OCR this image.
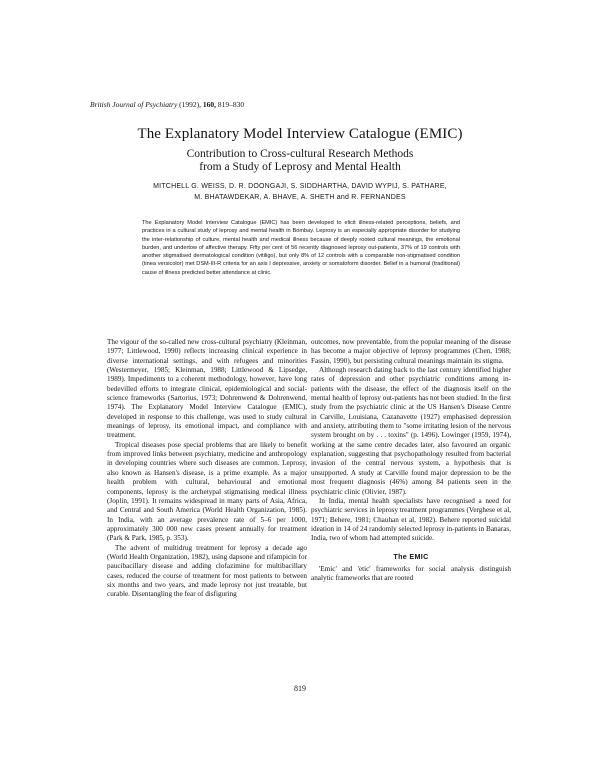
British Journal of Psychiatry (1992), 160, 819–830
The Explanatory Model Interview Catalogue (EMIC)
Contribution to Cross-cultural Research Methods
from a Study of Leprosy and Mental Health
MITCHELL G. WEISS, D. R. DOONGAJI, S. SIDDHARTHA, DAVID WYPIJ, S. PATHARE,
M. BHATAWDEKAR, A. BHAVE, A. SHETH and R. FERNANDES
The Explanatory Model Interview Catalogue (EMIC) has been developed to elicit illness-related perceptions, beliefs, and practices in a cultural study of leprosy and mental health in Bombay. Leprosy is an especially appropriate disorder for studying the inter-relationship of culture, mental health and medical illness because of deeply rooted cultural meanings, the emotional burden, and undertow of affective therapy. Fifty per cent of 56 recently diagnosed leprosy out-patients, 37% of 19 controls with another stigmatised dermatological condition (vitiligo), but only 8% of 12 controls with a comparable non-stigmatised condition (tinea versicolor) met DSM-III-R criteria for an axis I depressive, anxiety or somatoform disorder. Belief in a humoral (traditional) cause of illness predicted better attendance at clinic.

The vigour of the so-called new cross-cultural psychiatry (Kleinman, 1977; Littlewood, 1990) reflects increasing clinical experience in diverse international settings, and with refugees and minorities (Westermeyer, 1985; Kleinman, 1988; Littlewood & Lipsedge, 1989). Impediments to a coherent methodology, however, have long bedevilled efforts to integrate clinical, epidemiological and social-science frameworks (Sartorius, 1973; Dohrenwend & Dohrenwend, 1974). The Explanatory Model Interview Catalogue (EMIC), developed in response to this challenge, was used to study cultural meanings of leprosy, its emotional impact, and compliance with treatment.

Tropical diseases pose special problems that are likely to benefit from improved links between psychiatry, medicine and anthropology in developing countries where such diseases are common. Leprosy, also known as Hansen's disease, is a prime example. As a major health problem with cultural, behavioural and emotional components, leprosy is the archetypal stigmatising medical illness (Joplin, 1991). It remains widespread in many parts of Asia, Africa, and Central and South America (World Health Organization, 1985). In India, with an average prevalence rate of 5–6 per 1000, approximately 300 000 new cases present annually for treatment (Park & Park, 1985, p. 353).

The advent of multidrug treatment for leprosy a decade ago (World Health Organization, 1982), using dapsone and rifampicin for paucibacillary disease and adding clofazimine for multibacillary cases, reduced the course of treatment for most patients to between six months and two years, and made leprosy not just treatable, but curable. Disentangling the fear of disfiguring

outcomes, now preventable, from the popular meaning of the disease has become a major objective of leprosy programmes (Chen, 1988; Fassin, 1990), but persisting cultural meanings maintain its stigma.

Although research dating back to the last century identified higher rates of depression and other psychiatric conditions among in-patients with the disease, the effect of the diagnosis itself on the mental health of leprosy out-patients has not been studied. In the first study from the psychiatric clinic at the US Hansen's Disease Centre in Carville, Louisiana, Cazanavette (1927) emphasised depression and anxiety, attributing them to "some irritating lesion of the nervous system brought on by . . . toxins" (p. 1496). Lowinger (1959, 1974), working at the same centre decades later, also favoured an organic explanation, suggesting that psychopathology resulted from bacterial invasion of the central nervous system, a hypothesis that is unsupported. A study at Carville found major depression to be the most frequent diagnosis (46%) among 84 patients seen in the psychiatric clinic (Olivier, 1987).

In India, mental health specialists have recognised a need for psychiatric services in leprosy treatment programmes (Verghese et al, 1971; Behere, 1981; Chauhan et al, 1982). Behere reported suicidal ideation in 14 of 24 randomly selected leprosy in-patients in Banaras, India, two of whom had attempted suicide.

The EMIC

'Emic' and 'etic' frameworks for social analysis distinguish analytic frameworks that are rooted

819
